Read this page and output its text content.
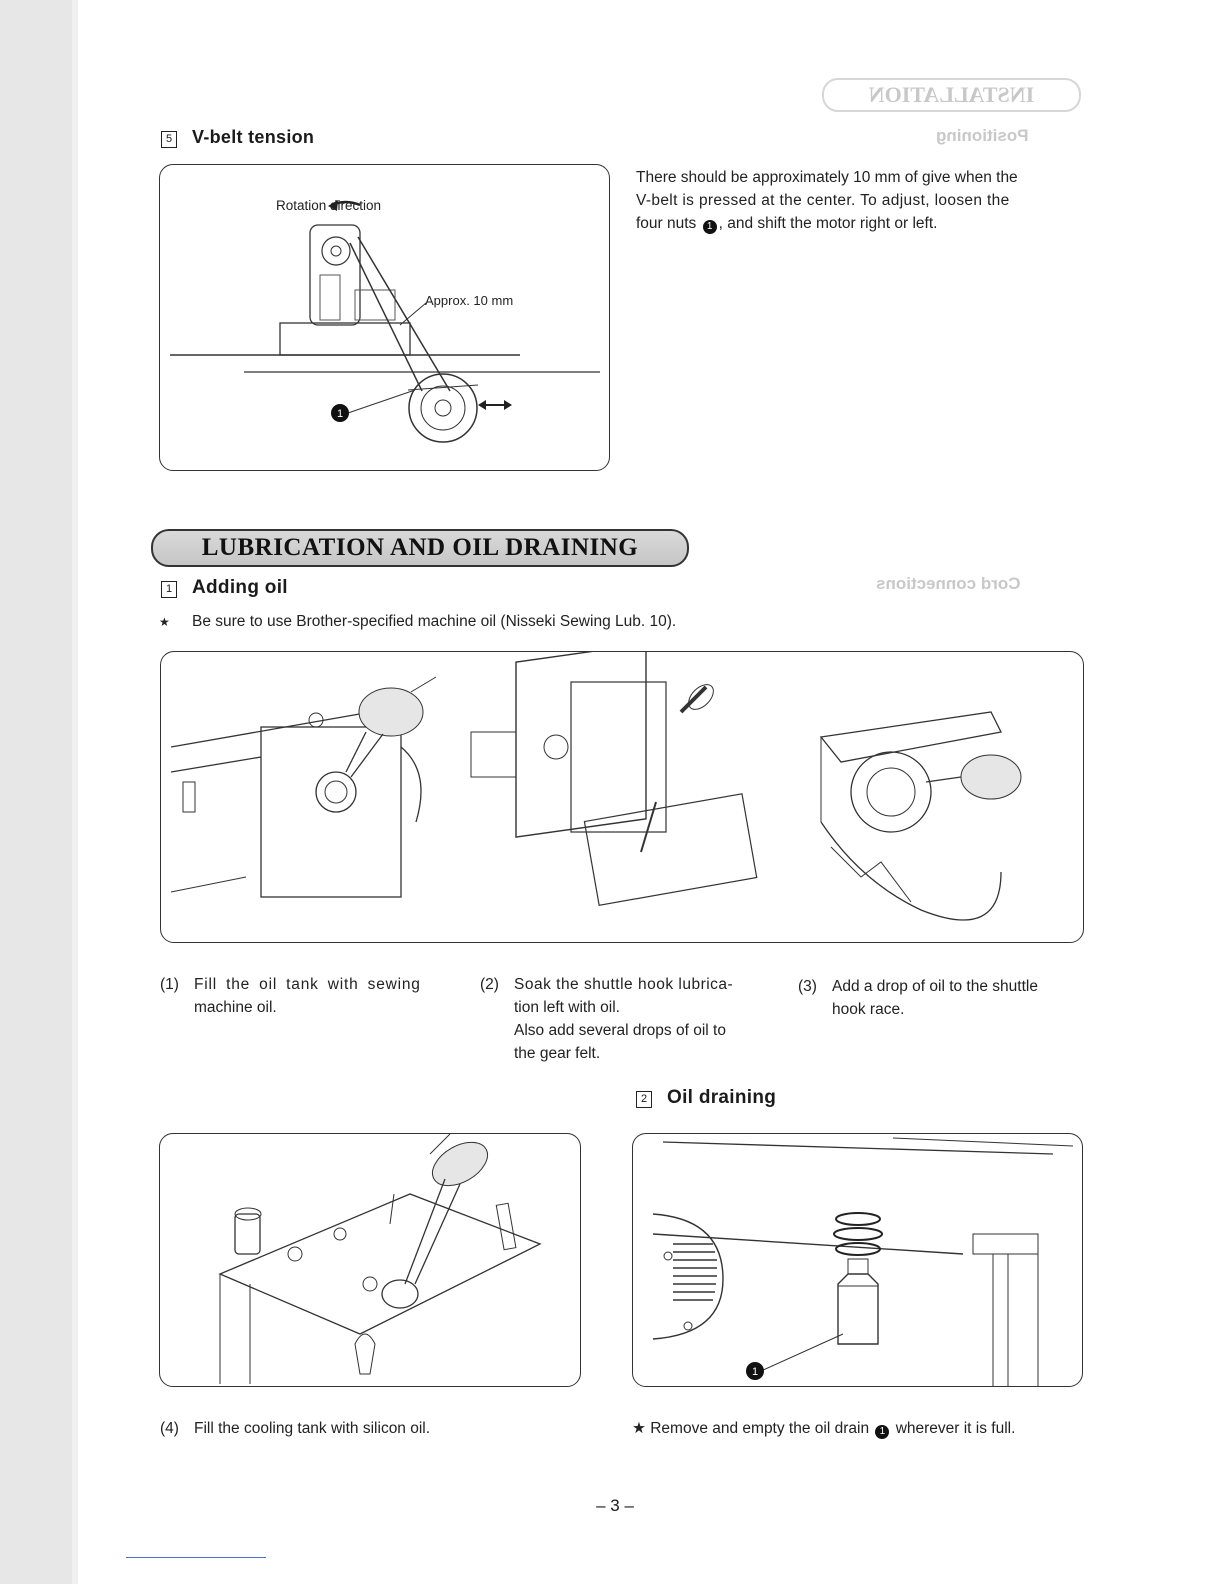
INSTALLATION
Positioning
Cord connections
5 V-belt tension
1
Rotation direction
Approx. 10 mm
There should be approximately 10 mm of give when the
V-belt is pressed at the center. To adjust, loosen the
four nuts 1 , and shift the motor right or left.
LUBRICATION AND OIL DRAINING
1 Adding oil
★ Be sure to use Brother-specified machine oil (Nisseki Sewing Lub. 10).
(1) Fill the oil tank with sewing
machine oil.
(2) Soak the shuttle hook lubrica-
tion left with oil.
Also add several drops of oil to
the gear felt.
(3) Add a drop of oil to the shuttle
hook race.
2 Oil draining
1
(4) Fill the cooling tank with silicon oil.	★ Remove and empty the oil drain 1 wherever it is full.
– 3 –
